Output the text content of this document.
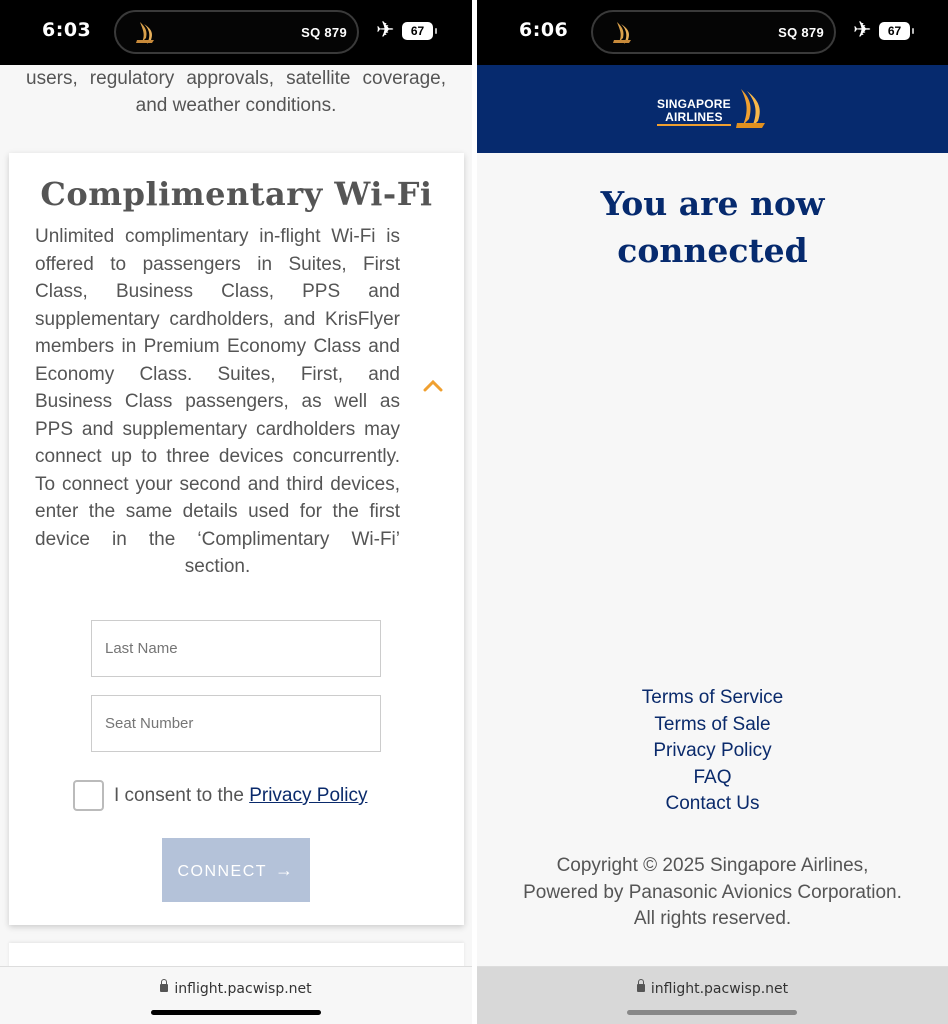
6:03	SQ 879 ✈	67

users, regulatory approvals, satellite coverage, and weather conditions.

Complimentary Wi-Fi

Unlimited complimentary in-flight Wi-Fi is offered to passengers in Suites, First Class, Business Class, PPS and supplementary cardholders, and KrisFlyer members in Premium Economy Class and Economy Class. Suites, First, and Business Class passengers, as well as PPS and supplementary cardholders may connect up to three devices concurrently. To connect your second and third devices, enter the same details used for the first device in the ‘Complimentary Wi-Fi’ section.

Last Name
Seat Number
I consent to the Privacy Policy
CONNECT →
inflight.pacwisp.net
6:06	SQ 879 ✈	67
SINGAPORE
AIRLINES
You are now
connected
Terms of Service
Terms of Sale
Privacy Policy
FAQ
Contact Us

Copyright © 2025 Singapore Airlines, Powered by Panasonic Avionics Corporation. All rights reserved.

inflight.pacwisp.net
